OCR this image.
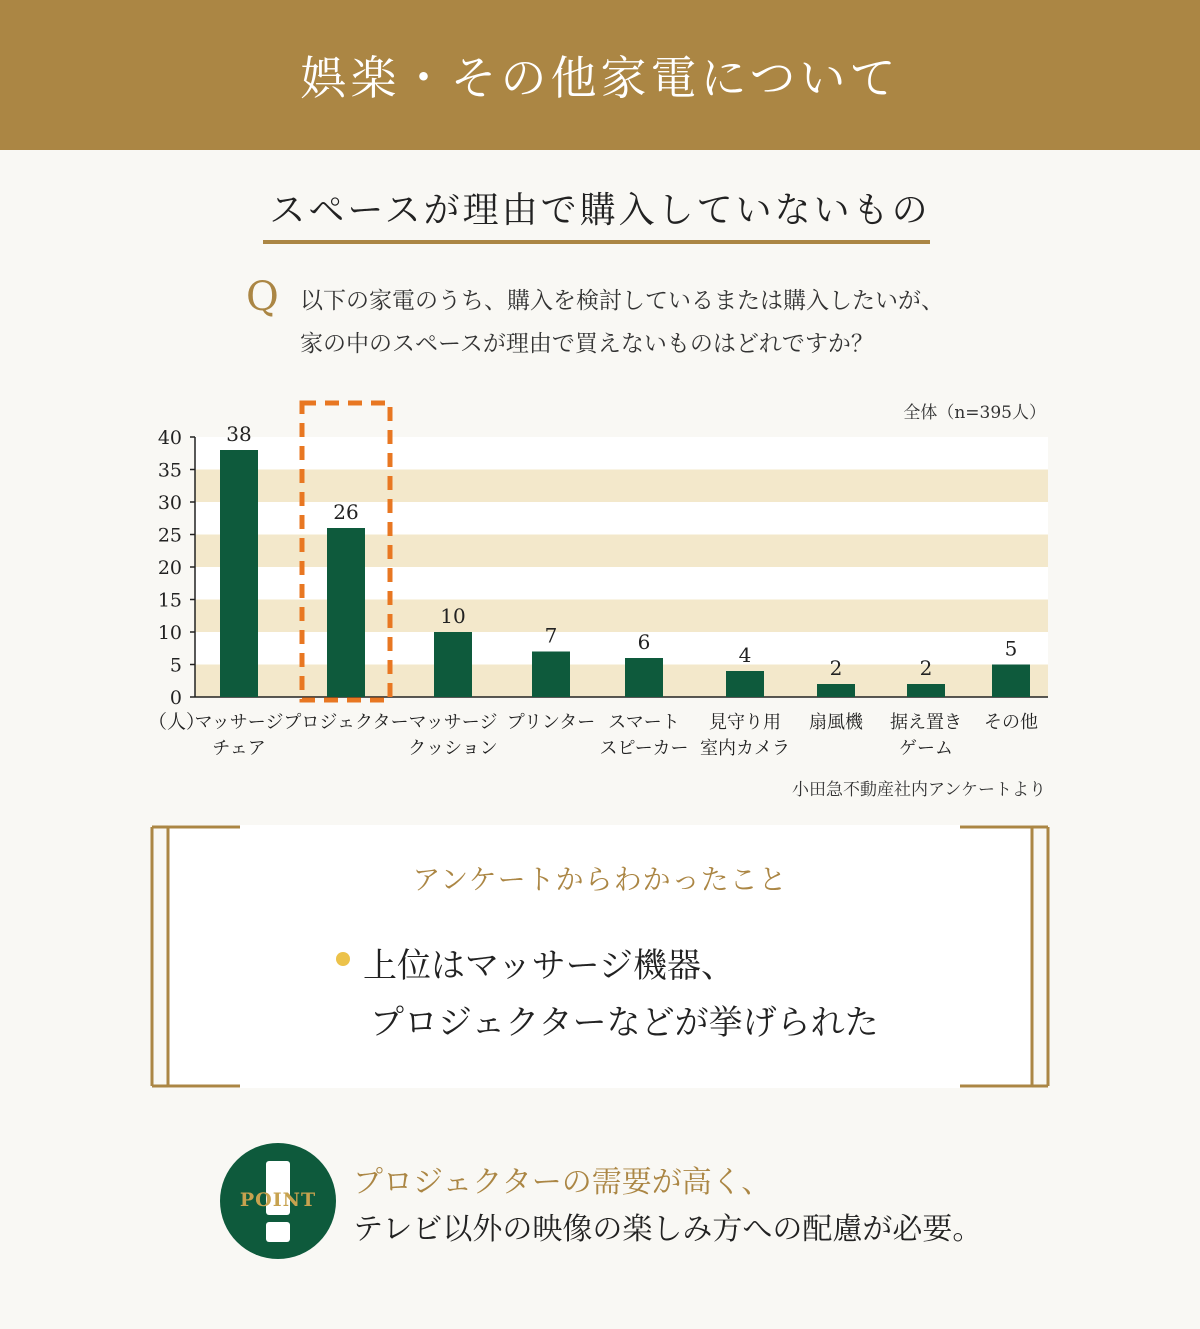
娯楽・その他家電について
スペースが理由で購入していないもの
Q 以下の家電のうち、購入を検討しているまたは購入したいが、
家の中のスペースが理由で買えないものはどれですか？
0
5
10
15
20
25
30
35
40
（人）
38
マッサージ
チェア
26
プロジェクター
10
マッサージ
クッション
7
プリンター
6
スマート
スピーカー
4
見守り用
室内カメラ
2
扇風機
2
据え置き
ゲーム
5
その他
全体（n=395人）
小田急不動産社内アンケートより
アンケートからわかったこと
上位はマッサージ機器、
プロジェクターなどが挙げられた
POINT	プロジェクターの需要が高く、
テレビ以外の映像の楽しみ方への配慮が必要。
